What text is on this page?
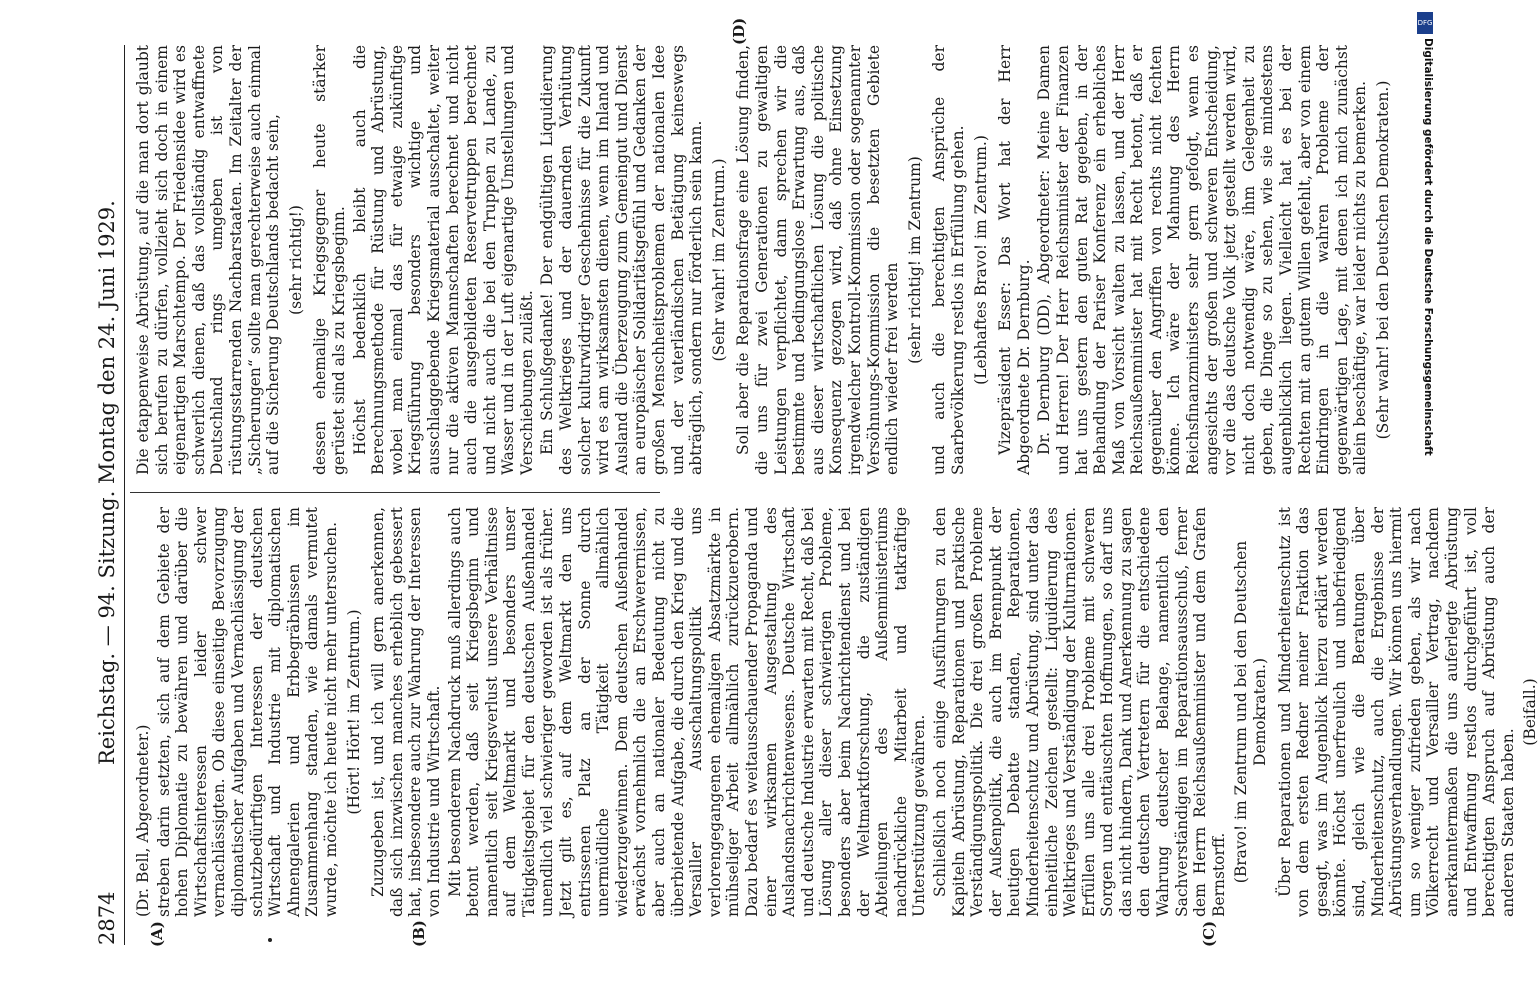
2874
Reichstag. — 94. Sitzung. Montag den 24. Juni 1929.
(A)	(B)	(C)

(Dr. Bell, Abgeordneter.) streben darin setzten, sich auf dem Gebiete der hohen Diplomatie zu bewähren und darüber die Wirtschaftsinteressen leider schwer vernachlässigten. Ob diese einseitige Bevorzugung diplomatischer Aufgaben und Vernachlässigung der schutzbedürftigen Interessen der deutschen Wirtschaft und Industrie mit diplomatischen Ahnengalerien und Erbbegräbnissen im Zusammenhang standen, wie damals vermutet wurde, möchte ich heute nicht mehr untersuchen. (Hört! Hört! im Zentrum.) Zuzugeben ist, und ich will gern anerkennen, daß sich inzwischen manches erheblich gebessert hat, insbesondere auch zur Wahrung der Interessen von Industrie und Wirtschaft. Mit besonderem Nachdruck muß allerdings auch betont werden, daß seit Kriegsbeginn und namentlich seit Kriegsverlust unsere Verhältnisse auf dem Weltmarkt und besonders unser Tätigkeitsgebiet für den deutschen Außenhandel unendlich viel schwieriger geworden ist als früher. Jetzt gilt es, auf dem Weltmarkt den uns entrissenen Platz an der Sonne durch unermüdliche Tätigkeit allmählich wiederzugewinnen. Dem deutschen Außenhandel erwächst vornehmlich die an Erschwerernissen, aber auch an nationaler Bedeutung nicht zu überbietende Aufgabe, die durch den Krieg und die Versailler Ausschaltungspolitik uns verlorengegangenen ehemaligen Absatzmärkte in mühseliger Arbeit allmählich zurückzuerobern. Dazu bedarf es weitausschauender Propaganda und einer wirksamen Ausgestaltung des Auslandsnachrichtenwesens. Deutsche Wirtschaft und deutsche Industrie erwarten mit Recht, daß bei Lösung aller dieser schwierigen Probleme, besonders aber beim Nachrichtendienst und bei der Weltmarktforschung, die zuständigen Abteilungen des Außenministeriums nachdrückliche Mitarbeit und tatkräftige Unterstützung gewähren. Schließlich noch einige Ausführungen zu den Kapiteln Abrüstung, Reparationen und praktische Verständigungspolitik. Die drei großen Probleme der Außenpolitik, die auch im Brennpunkt der heutigen Debatte standen, Reparationen, Minderheitenschutz und Abrüstung, sind unter das einheitliche Zeichen gestellt: Liquidierung des Weltkrieges und Verständigung der Kulturnationen. Erfüllen uns alle drei Probleme mit schweren Sorgen und enttäuschten Hoffnungen, so darf uns das nicht hindern, Dank und Anerkennung zu sagen den deutschen Vertretern für die entschiedene Wahrung deutscher Belange, namentlich den Sachverständigen im Reparationsausschuß, ferner dem Herrn Reichsaußenminister und dem Grafen Bernstorff. (Bravo! im Zentrum und bei den Deutschen Demokraten.) Über Reparationen und Minderheitenschutz ist von dem ersten Redner meiner Fraktion das gesagt, was im Augenblick hierzu erklärt werden könnte. Höchst unerfreulich und unbefriedigend sind, gleich wie die Beratungen über Minderheitenschutz, auch die Ergebnisse der Abrüstungsverhandlungen. Wir können uns hiermit um so weniger zufrieden geben, als wir nach Völkerrecht und Versailler Vertrag, nachdem anerkanntermaßen die uns auferlegte Abrüstung und Entwaffnung restlos durchgeführt ist, voll berechtigten Anspruch auf Abrüstung auch der anderen Staaten haben.

(Beifall.)

Die etappenweise Abrüstung, auf die man dort glaubt sich berufen zu dürfen, vollzieht sich doch in einem eigenartigen Marschtempo. Der Friedensidee wird es schwerlich dienen, daß das vollständig entwaffnete Deutschland rings umgeben ist von rüstungsstarrenden Nachbarstaaten. Im Zeitalter der „Sicherungen“ sollte man gerechterweise auch einmal auf die Sicherung Deutschlands bedacht sein, (sehr richtig!) dessen ehemalige Kriegsgegner heute stärker gerüstet sind als zu Kriegsbeginn. Höchst bedenklich bleibt auch die Berechnungsmethode für Rüstung und Abrüstung, wobei man einmal das für etwaige zukünftige Kriegsführung besonders wichtige und ausschlaggebende Kriegsmaterial ausschaltet, weiter nur die aktiven Mannschaften berechnet und nicht auch die ausgebildeten Reservetruppen berechnet und nicht auch die bei den Truppen zu Lande, zu Wasser und in der Luft eigenartige Umstellungen und Verschiebungen zuläßt. Ein Schlußgedanke! Der endgültigen Liquidierung des Weltkrieges und der dauernden Verhütung solcher kulturwidriger Geschehnisse für die Zukunft wird es am wirksamsten dienen, wenn im Inland und Ausland die Überzeugung zum Gemeingut und Dienst an europäischer Solidaritätsgefühl und Gedanken der großen Menschheitsproblemen der nationalen Idee und der vaterländischen Betätigung keineswegs abträglich, sondern nur förderlich sein kann. (Sehr wahr! im Zentrum.) Soll aber die Reparationsfrage eine Lösung finden, die uns für zwei Generationen zu gewaltigen Leistungen verpflichtet, dann sprechen wir die bestimmte und bedingungslose Erwartung aus, daß aus dieser wirtschaftlichen Lösung die politische Konsequenz gezogen wird, daß ohne Einsetzung irgendwelcher Kontroll-Kommission oder sogenannter Versöhnungs-Kommission die besetzten Gebiete endlich wieder frei werden

(sehr richtig! im Zentrum) und auch die berechtigten Ansprüche der Saarbevölkerung restlos in Erfüllung gehen. (Lebhaftes Bravo! im Zentrum.) Vizepräsident Esser: Das Wort hat der Herr Abgeordnete Dr. Dernburg. Dr. Dernburg (DD), Abgeordneter: Meine Damen und Herren! Der Herr Reichsminister der Finanzen hat uns gestern den guten Rat gegeben, in der Behandlung der Pariser Konferenz ein erhebliches Maß von Vorsicht walten zu lassen, und der Herr Reichsaußenminister hat mit Recht betont, daß er gegenüber den Angriffen von rechts nicht fechten könne. Ich wäre der Mahnung des Herrn Reichsfinanzministers sehr gern gefolgt, wenn es angesichts der großen und schweren Entscheidung, vor die das deutsche Volk jetzt gestellt werden wird, nicht doch notwendig wäre, ihm Gelegenheit zu geben, die Dinge so zu sehen, wie sie mindestens augenblicklich liegen. Vielleicht hat es bei der Rechten mit an gutem Willen gefehlt, aber von einem Eindringen in die wahren Probleme der gegenwärtigen Lage, mit denen ich mich zunächst allein beschäftige, war leider nichts zu bemerken. (Sehr wahr! bei den Deutschen Demokraten.)

(D)	DFG
Digitalisierung gefördert durch die Deutsche Forschungsgemeinschaft
